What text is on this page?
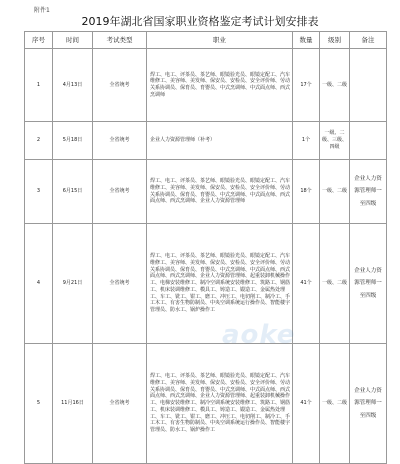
附件1
2019年湖北省国家职业资格鉴定考试计划安排表
序号	时间	考试类型	职业	数量	级别	备注
1	4月13日	全省统考	焊工、电工、评茶员、茶艺师、眼镜验光员、眼镜定配工、汽车维修工、美容师、美发师、保安员、安检员、安全评价师、劳动关系协调员、保育员、育婴员、中式烹调师、中式面点师、西式烹调师	17个	一级、二级	
2	5月18日	全省统考	企业人力资源管理师（补考）	1个	一级、二级、三级、四级	
3	6月15日	全省统考	焊工、电工、评茶员、茶艺师、眼镜验光员、眼镜定配工、汽车维修工、美容师、美发师、保安员、安检员、安全评价师、劳动关系协调员、保育员、育婴员、中式烹调师、中式面点师、西式面点师、西式烹调师、企业人力资源管理师	18个	一级、二级	企业人力资源管理师一至四级
4	9月21日	全省统考	焊工、电工、评茶员、茶艺师、眼镜验光员、眼镜定配工、汽车维修工、美容师、美发师、保安员、安检员、安全评价师、劳动关系协调员、保育员、育婴员、中式烹调师、中式面点师、西式面点师、西式烹调师、企业人力资源管理师、起重装卸机械操作工、电梯安装维修工、制冷空调系统安装维修工、筑路工、钢筋工、机床装调维修工、模具工、铸造工、锻造工、金属热处理工、车工、铣工、钳工、磨工、冲压工、电切削工、制冷工、手工木工、有害生物防制员、中央空调系统运行操作员、智能楼宇管理员、防水工、锅炉操作工	41个	一级、二级	企业人力资源管理师一至四级
5	11月16日	全省统考	焊工、电工、评茶员、茶艺师、眼镜验光员、眼镜定配工、汽车维修工、美容师、美发师、保安员、安检员、安全评价师、劳动关系协调员、保育员、育婴员、中式烹调师、中式面点师、西式面点师、西式烹调师、企业人力资源管理师、起重装卸机械操作工、电梯安装维修工、制冷空调系统安装维修工、筑路工、钢筋工、机床装调维修工、模具工、铸造工、锻造工、金属热处理工、车工、铣工、钳工、磨工、冲压工、电切削工、制冷工、手工木工、有害生物防制员、中央空调系统运行操作员、智能楼宇管理员、防水工、锅炉操作工	41个	一级、二级	企业人力资源管理师一至四级
aoke
